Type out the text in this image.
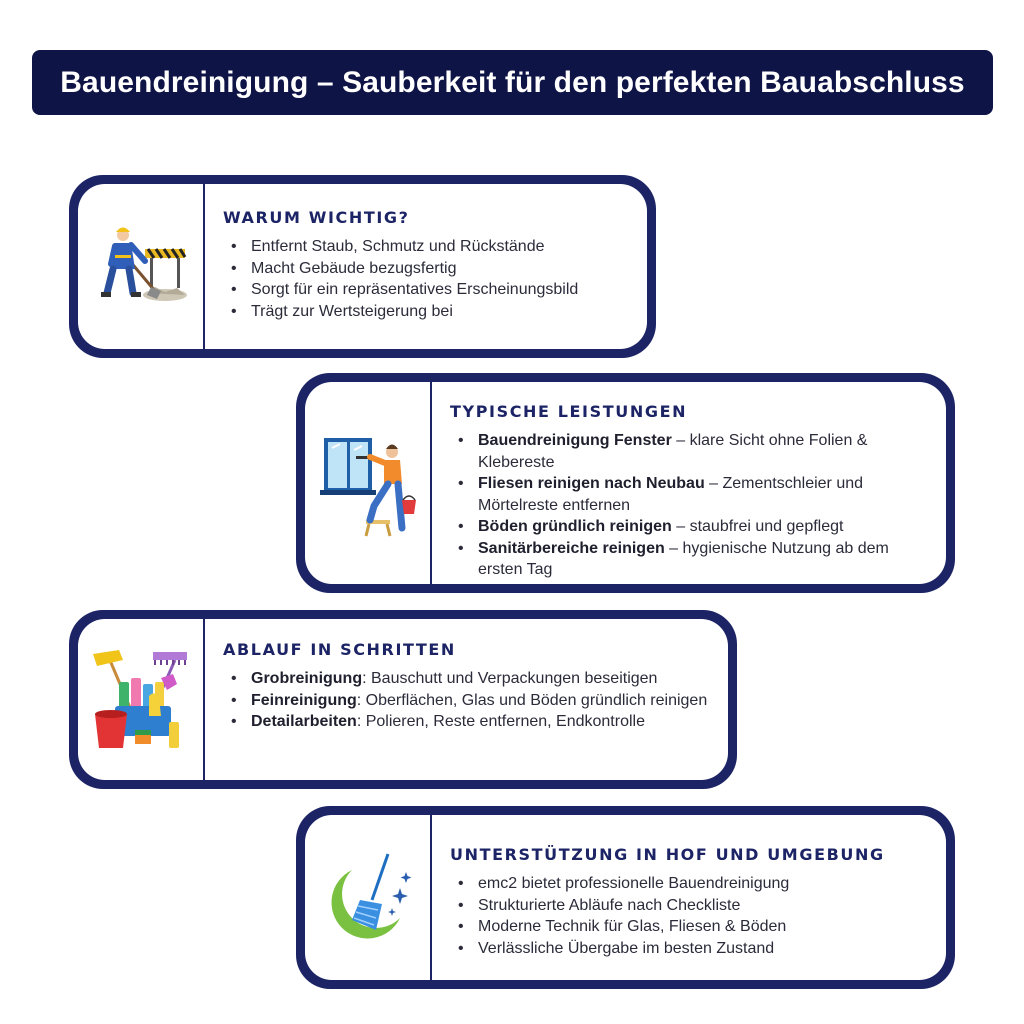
Bauendreinigung – Sauberkeit für den perfekten Bauabschluss
WARUM WICHTIG?
• Entfernt Staub, Schmutz und Rückstände
• Macht Gebäude bezugsfertig
• Sorgt für ein repräsentatives Erscheinungsbild
• Trägt zur Wertsteigerung bei
TYPISCHE LEISTUNGEN
• Bauendreinigung Fenster – klare Sicht ohne Folien & Klebereste
• Fliesen reinigen nach Neubau – Zementschleier und Mörtelreste entfernen
• Böden gründlich reinigen – staubfrei und gepflegt
• Sanitärbereiche reinigen – hygienische Nutzung ab dem ersten Tag
ABLAUF IN SCHRITTEN
• Grobreinigung: Bauschutt und Verpackungen beseitigen
• Feinreinigung: Oberflächen, Glas und Böden gründlich reinigen
• Detailarbeiten: Polieren, Reste entfernen, Endkontrolle
UNTERSTÜTZUNG IN HOF UND UMGEBUNG
• emc2 bietet professionelle Bauendreinigung
• Strukturierte Abläufe nach Checkliste
• Moderne Technik für Glas, Fliesen & Böden
• Verlässliche Übergabe im besten Zustand
